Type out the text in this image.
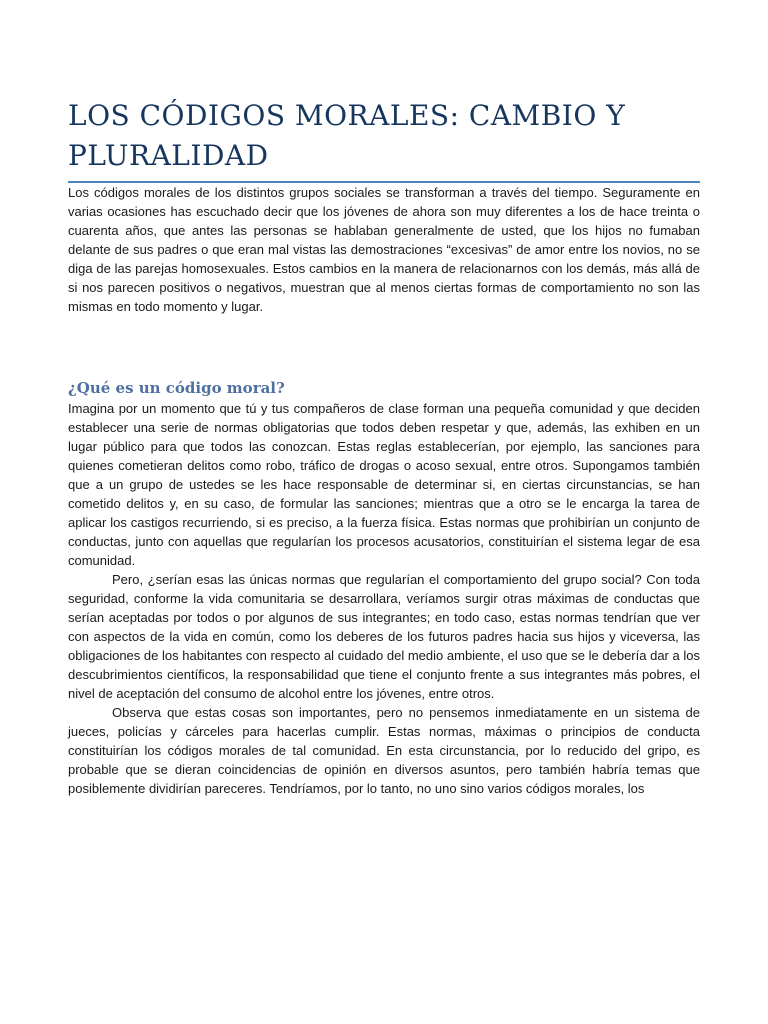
LOS CÓDIGOS MORALES: CAMBIO Y PLURALIDAD

Los códigos morales de los distintos grupos sociales se transforman a través del tiempo. Seguramente en varias ocasiones has escuchado decir que los jóvenes de ahora son muy diferentes a los de hace treinta o cuarenta años, que antes las personas se hablaban generalmente de usted, que los hijos no fumaban delante de sus padres o que eran mal vistas las demostraciones “excesivas” de amor entre los novios, no se diga de las parejas homosexuales. Estos cambios en la manera de relacionarnos con los demás, más allá de si nos parecen positivos o negativos, muestran que al menos ciertas formas de comportamiento no son las mismas en todo momento y lugar.

¿Qué es un código moral?

Imagina por un momento que tú y tus compañeros de clase forman una pequeña comunidad y que deciden establecer una serie de normas obligatorias que todos deben respetar y que, además, las exhiben en un lugar público para que todos las conozcan. Estas reglas establecerían, por ejemplo, las sanciones para quienes cometieran delitos como robo, tráfico de drogas o acoso sexual, entre otros. Supongamos también que a un grupo de ustedes se les hace responsable de determinar si, en ciertas circunstancias, se han cometido delitos y, en su caso, de formular las sanciones; mientras que a otro se le encarga la tarea de aplicar los castigos recurriendo, si es preciso, a la fuerza física. Estas normas que prohibirían un conjunto de conductas, junto con aquellas que regularían los procesos acusatorios, constituirían el sistema legar de esa comunidad.

Pero, ¿serían esas las únicas normas que regularían el comportamiento del grupo social? Con toda seguridad, conforme la vida comunitaria se desarrollara, veríamos surgir otras máximas de conductas que serían aceptadas por todos o por algunos de sus integrantes; en todo caso, estas normas tendrían que ver con aspectos de la vida en común, como los deberes de los futuros padres hacia sus hijos y viceversa, las obligaciones de los habitantes con respecto al cuidado del medio ambiente, el uso que se le debería dar a los descubrimientos científicos, la responsabilidad que tiene el conjunto frente a sus integrantes más pobres, el nivel de aceptación del consumo de alcohol entre los jóvenes, entre otros.

Observa que estas cosas son importantes, pero no pensemos inmediatamente en un sistema de jueces, policías y cárceles para hacerlas cumplir. Estas normas, máximas o principios de conducta constituirían los códigos morales de tal comunidad. En esta circunstancia, por lo reducido del gripo, es probable que se dieran coincidencias de opinión en diversos asuntos, pero también habría temas que posiblemente dividirían pareceres. Tendríamos, por lo tanto, no uno sino varios códigos morales, los
